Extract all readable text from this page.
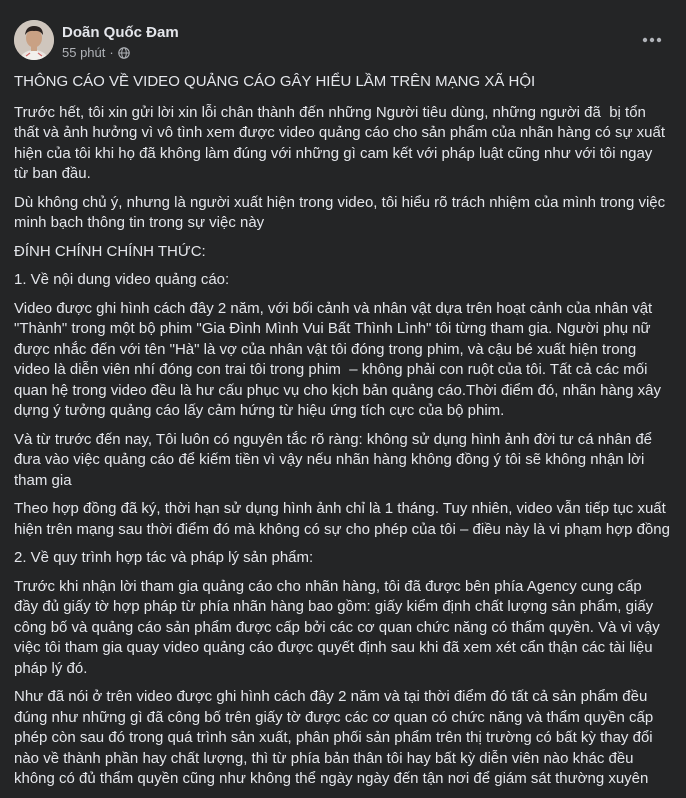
Doãn Quốc Đam
55 phút ·

THÔNG CÁO VỀ VIDEO QUẢNG CÁO GÂY HIỂU LẦM TRÊN MẠNG XÃ HỘI

Trước hết, tôi xin gửi lời xin lỗi chân thành đến những Người tiêu dùng, những người đã  bị tổn thất và ảnh hưởng vì vô tình xem được video quảng cáo cho sản phẩm của nhãn hàng có sự xuất hiện của tôi khi họ đã không làm đúng với những gì cam kết với pháp luật cũng như với tôi ngay từ ban đầu.

Dù không chủ ý, nhưng là người xuất hiện trong video, tôi hiểu rõ trách nhiệm của mình trong việc minh bạch thông tin trong sự việc này

ĐÍNH CHÍNH CHÍNH THỨC:

1. Về nội dung video quảng cáo:

Video được ghi hình cách đây 2 năm, với bối cảnh và nhân vật dựa trên hoạt cảnh của nhân vật "Thành" trong một bộ phim "Gia Đình Mình Vui Bất Thình Lình" tôi từng tham gia. Người phụ nữ được nhắc đến với tên "Hà" là vợ của nhân vật tôi đóng trong phim, và cậu bé xuất hiện trong video là diễn viên nhí đóng con trai tôi trong phim  – không phải con ruột của tôi. Tất cả các mối quan hệ trong video đều là hư cấu phục vụ cho kịch bản quảng cáo.Thời điểm đó, nhãn hàng xây dựng ý tưởng quảng cáo lấy cảm hứng từ hiệu ứng tích cực của bộ phim.

Và từ trước đến nay, Tôi luôn có nguyên tắc rõ ràng: không sử dụng hình ảnh đời tư cá nhân để đưa vào việc quảng cáo để kiếm tiền vì vậy nếu nhãn hàng không đồng ý tôi sẽ không nhận lời tham gia

Theo hợp đồng đã ký, thời hạn sử dụng hình ảnh chỉ là 1 tháng. Tuy nhiên, video vẫn tiếp tục xuất hiện trên mạng sau thời điểm đó mà không có sự cho phép của tôi – điều này là vi phạm hợp đồng

2. Về quy trình hợp tác và pháp lý sản phẩm:

Trước khi nhận lời tham gia quảng cáo cho nhãn hàng, tôi đã được bên phía Agency cung cấp đầy đủ giấy tờ hợp pháp từ phía nhãn hàng bao gồm: giấy kiểm định chất lượng sản phẩm, giấy công bố và quảng cáo sản phẩm được cấp bởi các cơ quan chức năng có thẩm quyền. Và vì vậy việc tôi tham gia quay video quảng cáo được quyết định sau khi đã xem xét cẩn thận các tài liệu pháp lý đó.

Như đã nói ở trên video được ghi hình cách đây 2 năm và tại thời điểm đó tất cả sản phẩm đều đúng như những gì đã công bố trên giấy tờ được các cơ quan có chức năng và thẩm quyền cấp phép còn sau đó trong quá trình sản xuất, phân phối sản phẩm trên thị trường có bất kỳ thay đổi nào về thành phần hay chất lượng, thì từ phía bản thân tôi hay bất kỳ diễn viên nào khác đều không có đủ thẩm quyền cũng như không thể ngày ngày đến tận nơi để giám sát thường xuyên
